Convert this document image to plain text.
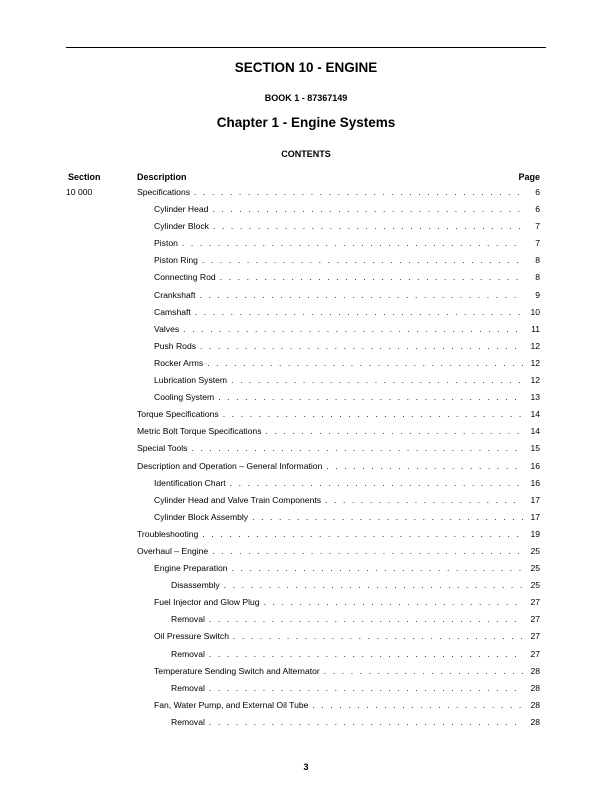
SECTION 10 - ENGINE
BOOK 1 - 87367149
Chapter 1 - Engine Systems
CONTENTS
Section	Description	Page
10 000	Specifications . . .	6
Cylinder Head . . .	6
Cylinder Block . . .	7
Piston . . .	7
Piston Ring . . .	8
Connecting Rod . . .	8
Crankshaft . . .	9
Camshaft . . .	10
Valves . . .	11
Push Rods . . .	12
Rocker Arms . . .	12
Lubrication System . . .	12
Cooling System . . .	13
Torque Specifications . . .	14
Metric Bolt Torque Specifications . . .	14
Special Tools . . .	15
Description and Operation – General Information . . .	16
Identification Chart . . .	16
Cylinder Head and Valve Train Components . . .	17
Cylinder Block Assembly . . .	17
Troubleshooting . . .	19
Overhaul – Engine . . .	25
Engine Preparation . . .	25
Disassembly . . .	25
Fuel Injector and Glow Plug . . .	27
Removal . . .	27
Oil Pressure Switch . . .	27
Removal . . .	27
Temperature Sending Switch and Alternator . . .	28
Removal . . .	28
Fan, Water Pump, and External Oil Tube . . .	28
Removal . . .	28
3
